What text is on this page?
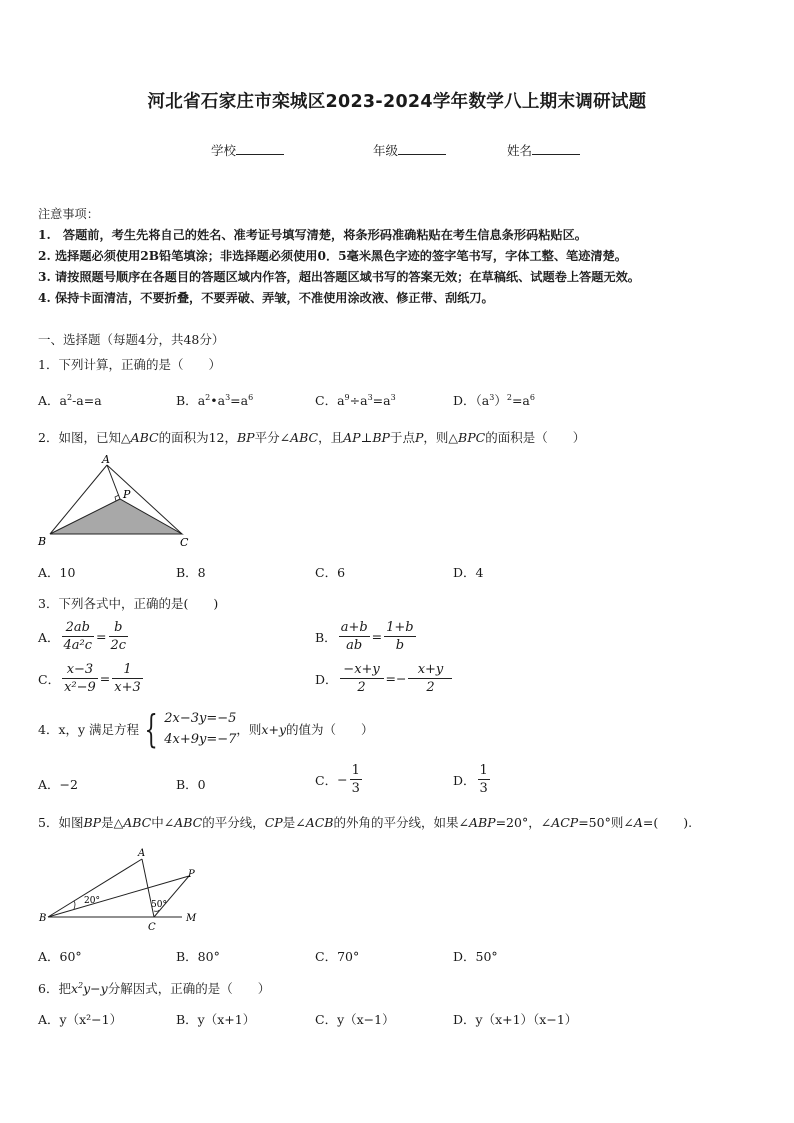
河北省石家庄市栾城区2023-2024学年数学八上期末调研试题
学校	年级	姓名
注意事项：
1.　答题前，考生先将自己的姓名、准考证号填写清楚，将条形码准确粘贴在考生信息条形码粘贴区。
2. 选择题必须使用2B铅笔填涂；非选择题必须使用0．5毫米黑色字迹的签字笔书写，字体工整、笔迹清楚。
3. 请按照题号顺序在各题目的答题区域内作答，超出答题区域书写的答案无效；在草稿纸、试题卷上答题无效。
4. 保持卡面清洁，不要折叠，不要弄破、弄皱，不准使用涂改液、修正带、刮纸刀。
一、选择题（每题4分，共48分）
1．下列计算，正确的是（　　）
A．$a^2-a=a$	B．$a^2•a^3=a^6$	C．$a^9\div a^3=a^3$	D．$(a^3)^2=a^6$
2．如图，已知△ABC的面积为12，BP平分∠ABC，且AP⊥BP于点P，则△BPC的面积是（　　）
A
B	C
P
A．10	B．8	C．6	D．4
3．下列各式中，正确的是(　　)
A． $\frac{2ab}{\text{4a²c}} = \frac{b}{2c}$	B． $\frac{a+b}{ab} = \frac{1+b}{b}$
C． $\frac{x-3}{\text{x²−9}} = \frac{1}{x+3}$	D． $\frac{-x+y}{2} =- \frac{x+y}{2}$
4．x，y 满足方程 { 2x−3y=−5
4x+9y=−7
，则 x+y 的值为（　　）
A．−2	B．0	C． − $\frac{1}{3}$	D． $\frac{1}{3}$
5．如图BP是△ABC中∠ABC的平分线，CP是∠ACB的外角的平分线，如果∠ABP=20°，∠ACP=50°则∠A=(　　).
A
B
C
P
M
20°	50°
A．60°	B．80°	C．70°	D．50°
6．把$x^2y-y$分解因式，正确的是（　　）
A．y（x²−1）	B．y（x+1）	C．y（x−1）	D．y（x+1）（x−1）
